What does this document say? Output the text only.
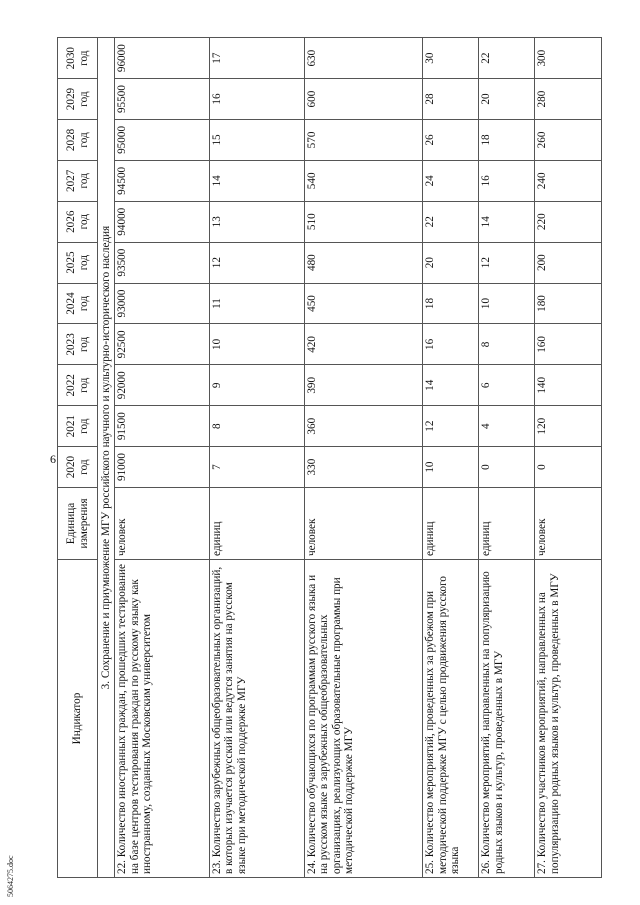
6
5064275.doc
Индикатор	Единица измерения	2020 год	2021 год	2022 год	2023 год	2024 год	2025 год	2026 год	2027 год	2028 год	2029 год	2030 год
3. Сохранение и приумножение МГУ российского научного и культурно-исторического наследия												
22. Количество иностранных граждан, прошедших тестирование на базе центров тестирования граждан по русскому языку как иностранному, созданных Московским университетом	человек	91000	91500	92000	92500	93000	93500	94000	94500	95000	95500	96000
23. Количество зарубежных общеобразовательных организаций, в которых изучается русский или ведутся занятия на русском языке при методической поддержке МГУ	единиц	7	8	9	10	11	12	13	14	15	16	17
24. Количество обучающихся по программам русского языка и на русском языке в зарубежных общеобразовательных организациях, реализующих образовательные программы при методической поддержке МГУ	человек	330	360	390	420	450	480	510	540	570	600	630
25. Количество мероприятий, проведенных за рубежом при методической поддержке МГУ с целью продвижения русского языка	единиц	10	12	14	16	18	20	22	24	26	28	30
26. Количество мероприятий, направленных на популяризацию родных языков и культур, проведенных в МГУ	единиц	0	4	6	8	10	12	14	16	18	20	22
27. Количество участников мероприятий, направленных на популяризацию родных языков и культур, проведенных в МГУ	человек	0	120	140	160	180	200	220	240	260	280	300
